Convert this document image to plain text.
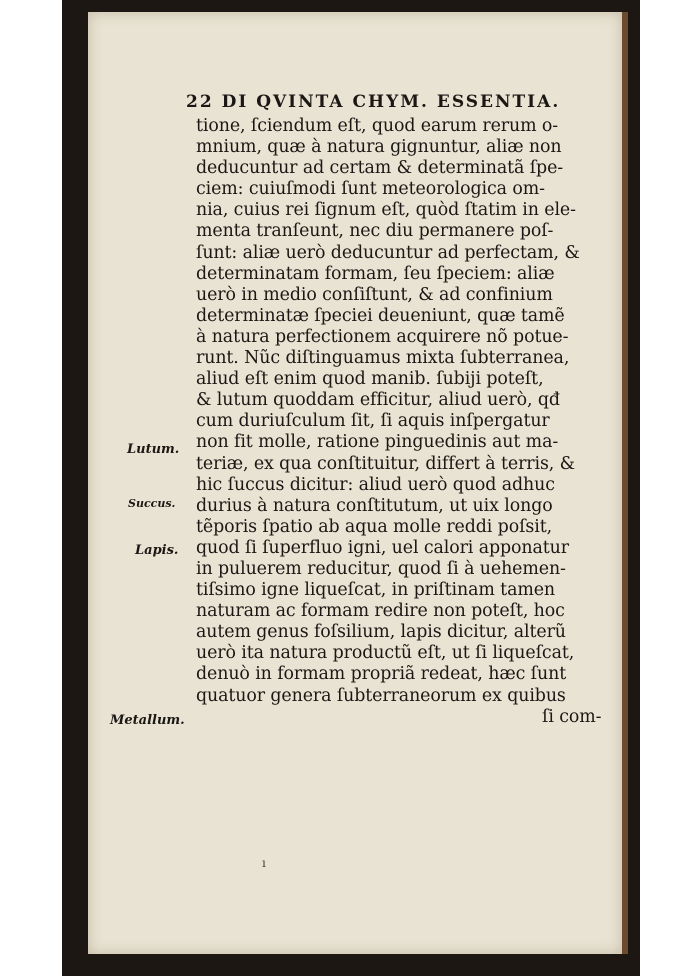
22 DI QVINTA CHYM. ESSENTIA.
tione, ſciendum eſt, quod earum rerum o-
mnium, quæ à natura gignuntur, aliæ non
deducuntur ad certam & determinatã ſpe-
ciem: cuiuſmodi ſunt meteorologica om-
nia, cuius rei ſignum eſt, quòd ſtatim in ele-
menta tranſeunt, nec diu permanere poſ-
ſunt: aliæ uerò deducuntur ad perfectam, &
determinatam formam, ſeu ſpeciem: aliæ
uerò in medio conſiſtunt, & ad confinium
determinatæ ſpeciei deueniunt, quæ tamẽ
à natura perfectionem acquirere nõ potue-
runt. Nũc diſtinguamus mixta ſubterranea,
aliud eſt enim quod manib. ſubiji poteſt,
& lutum quoddam efficitur, aliud uerò, qđ
cum duriuſculum ſit, ſi aquis inſpergatur
non fit molle, ratione pinguedinis aut ma-
teriæ, ex qua conſtituitur, differt à terris, &
hic ſuccus dicitur: aliud uerò quod adhuc
durius à natura conſtitutum, ut uix longo
tẽporis ſpatio ab aqua molle reddi poſsit,
quod ſi ſuperfluo igni, uel calori apponatur
in puluerem reducitur, quod ſi à uehemen-
tiſsimo igne liqueſcat, in priſtinam tamen
naturam ac formam redire non poteſt, hoc
autem genus foſsilium, lapis dicitur, alterũ
uerò ita natura productũ eſt, ut ſi liqueſcat,
denuò in formam propriã redeat, hæc ſunt
quatuor genera ſubterraneorum ex quibus
ſi com-
Lutum.
Succus.
Lapis.
Metallum.
ı
